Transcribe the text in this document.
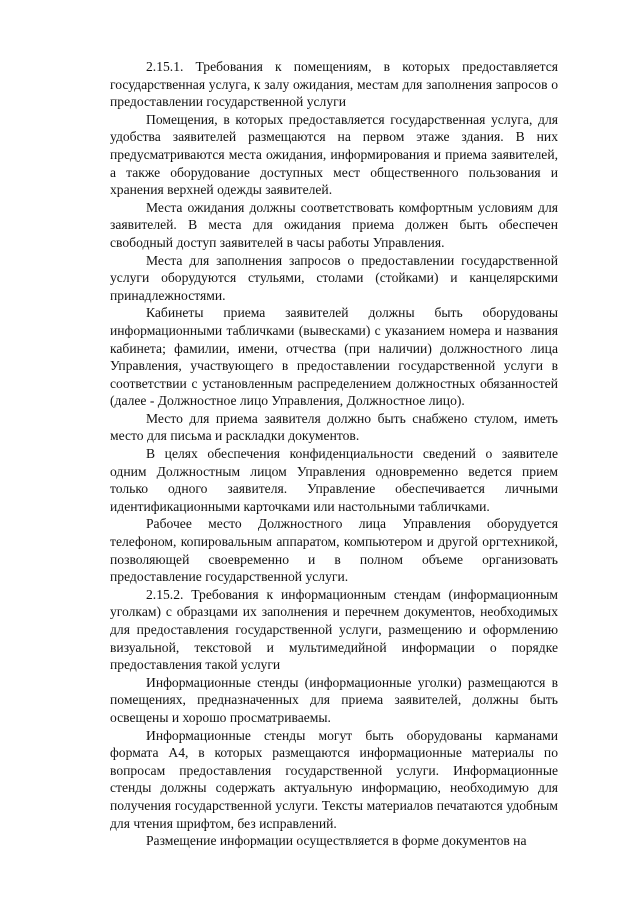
2.15.1. Требования к помещениям, в которых предоставляется государственная услуга, к залу ожидания, местам для заполнения запросов о предоставлении государственной услуги

Помещения, в которых предоставляется государственная услуга, для удобства заявителей размещаются на первом этаже здания. В них предусматриваются места ожидания, информирования и приема заявителей, а также оборудование доступных мест общественного пользования и хранения верхней одежды заявителей.

Места ожидания должны соответствовать комфортным условиям для заявителей. В места для ожидания приема должен быть обеспечен свободный доступ заявителей в часы работы Управления.

Места для заполнения запросов о предоставлении государственной услуги оборудуются стульями, столами (стойками) и канцелярскими принадлежностями.

Кабинеты приема заявителей должны быть оборудованы информационными табличками (вывесками) с указанием номера и названия кабинета; фамилии, имени, отчества (при наличии) должностного лица Управления, участвующего в предоставлении государственной услуги в соответствии с установленным распределением должностных обязанностей (далее - Должностное лицо Управления, Должностное лицо).

Место для приема заявителя должно быть снабжено стулом, иметь место для письма и раскладки документов.

В целях обеспечения конфиденциальности сведений о заявителе одним Должностным лицом Управления одновременно ведется прием только одного заявителя. Управление обеспечивается личными идентификационными карточками или настольными табличками.

Рабочее место Должностного лица Управления оборудуется телефоном, копировальным аппаратом, компьютером и другой оргтехникой, позволяющей своевременно и в полном объеме организовать предоставление государственной услуги.

2.15.2. Требования к информационным стендам (информационным уголкам) с образцами их заполнения и перечнем документов, необходимых для предоставления государственной услуги, размещению и оформлению визуальной, текстовой и мультимедийной информации о порядке предоставления такой услуги

Информационные стенды (информационные уголки) размещаются в помещениях, предназначенных для приема заявителей, должны быть освещены и хорошо просматриваемы.

Информационные стенды могут быть оборудованы карманами формата А4, в которых размещаются информационные материалы по вопросам предоставления государственной услуги. Информационные стенды должны содержать актуальную информацию, необходимую для получения государственной услуги. Тексты материалов печатаются удобным для чтения шрифтом, без исправлений.

Размещение информации осуществляется в форме документов на
